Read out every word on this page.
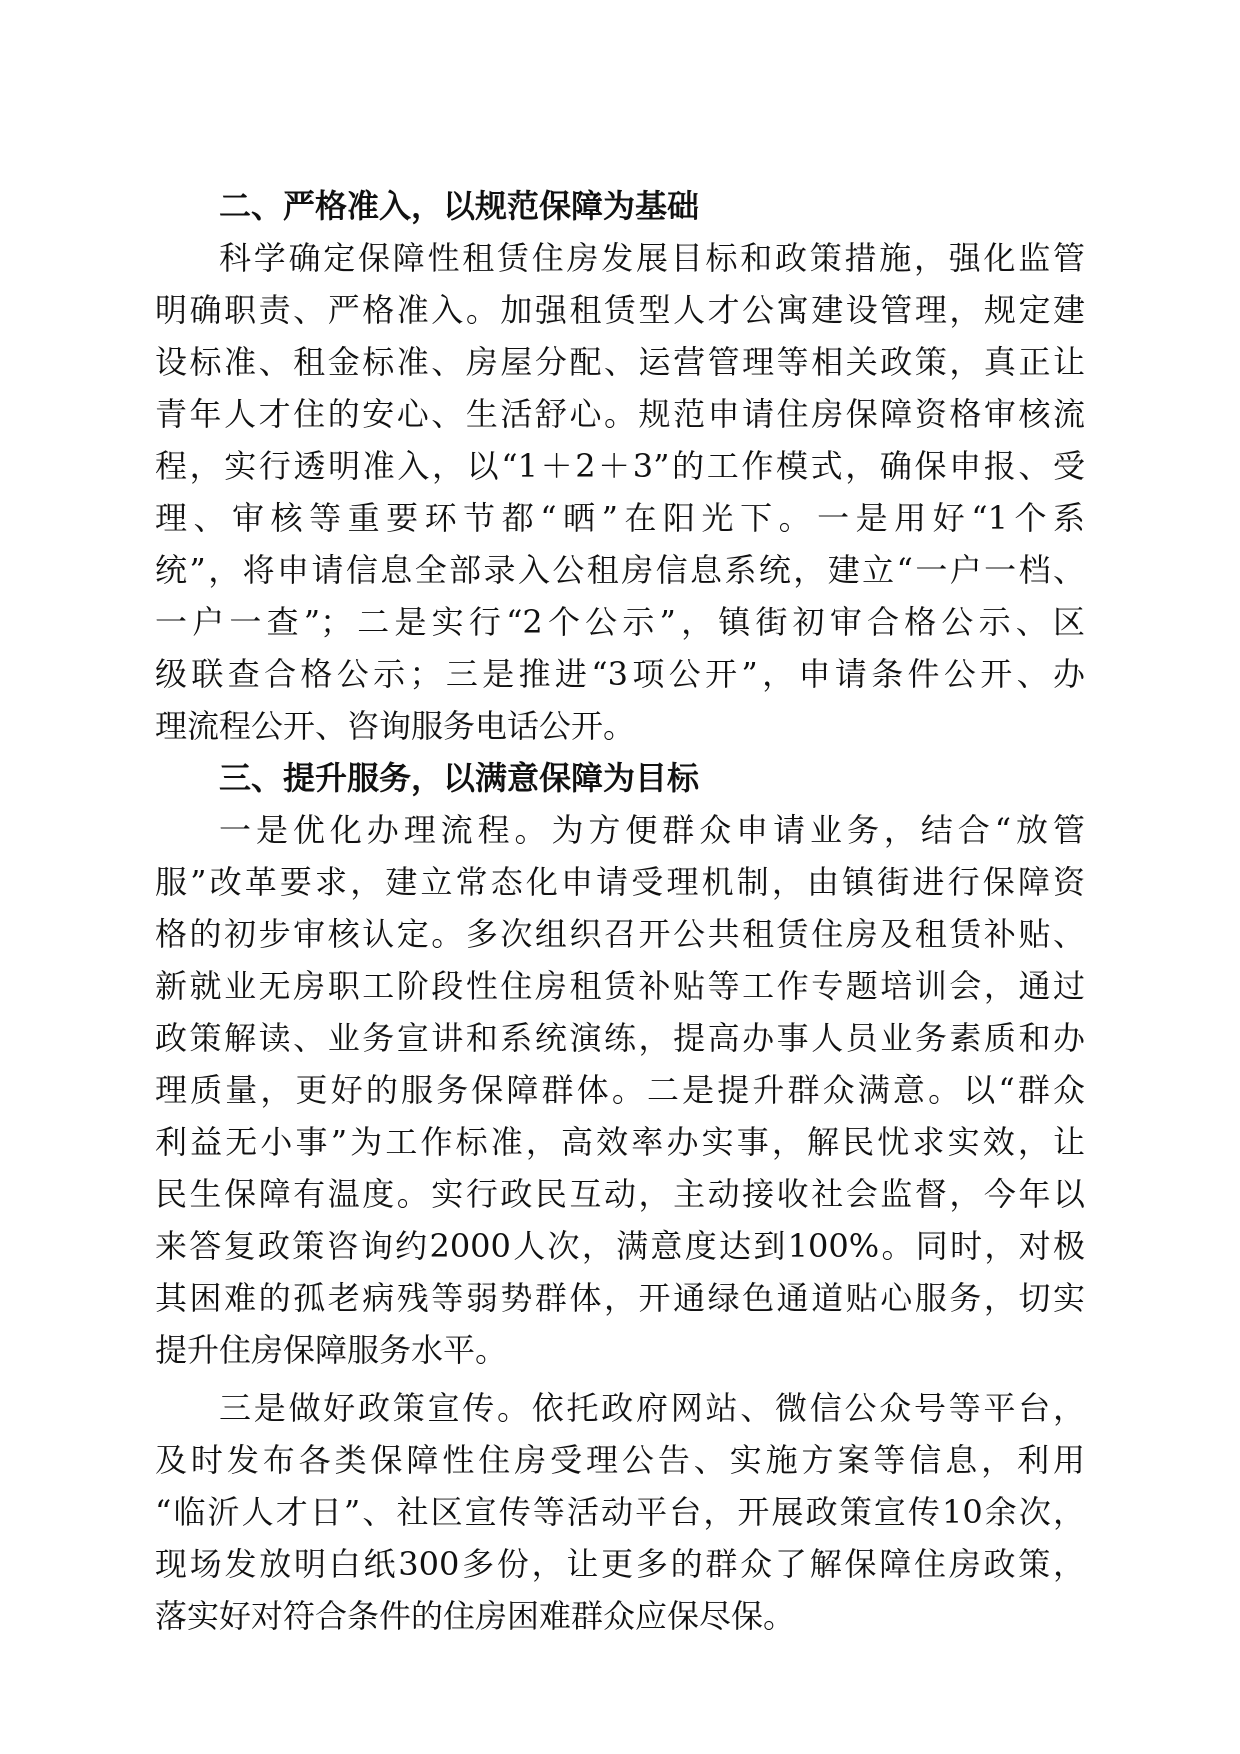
二、严格准入，以规范保障为基础
科学确定保障性租赁住房发展目标和政策措施，强化监管
明确职责、严格准入。加强租赁型人才公寓建设管理，规定建
设标准、租金标准、房屋分配、运营管理等相关政策，真正让
青年人才住的安心、生活舒心。规范申请住房保障资格审核流
程，实行透明准入，以“1＋2＋3”的工作模式，确保申报、受
理、审核等重要环节都“晒”在阳光下。一是用好“1个系
统”，将申请信息全部录入公租房信息系统，建立“一户一档、
一户一查”；二是实行“2个公示”，镇街初审合格公示、区
级联查合格公示；三是推进“3项公开”，申请条件公开、办
理流程公开、咨询服务电话公开。
三、提升服务，以满意保障为目标
一是优化办理流程。为方便群众申请业务，结合“放管
服”改革要求，建立常态化申请受理机制，由镇街进行保障资
格的初步审核认定。多次组织召开公共租赁住房及租赁补贴、
新就业无房职工阶段性住房租赁补贴等工作专题培训会，通过
政策解读、业务宣讲和系统演练，提高办事人员业务素质和办
理质量，更好的服务保障群体。二是提升群众满意。以“群众
利益无小事”为工作标准，高效率办实事，解民忧求实效，让
民生保障有温度。实行政民互动，主动接收社会监督，今年以
来答复政策咨询约2000人次，满意度达到100%。同时，对极
其困难的孤老病残等弱势群体，开通绿色通道贴心服务，切实
提升住房保障服务水平。
三是做好政策宣传。依托政府网站、微信公众号等平台，
及时发布各类保障性住房受理公告、实施方案等信息，利用
“临沂人才日”、社区宣传等活动平台，开展政策宣传10余次，
现场发放明白纸300多份，让更多的群众了解保障住房政策，
落实好对符合条件的住房困难群众应保尽保。
